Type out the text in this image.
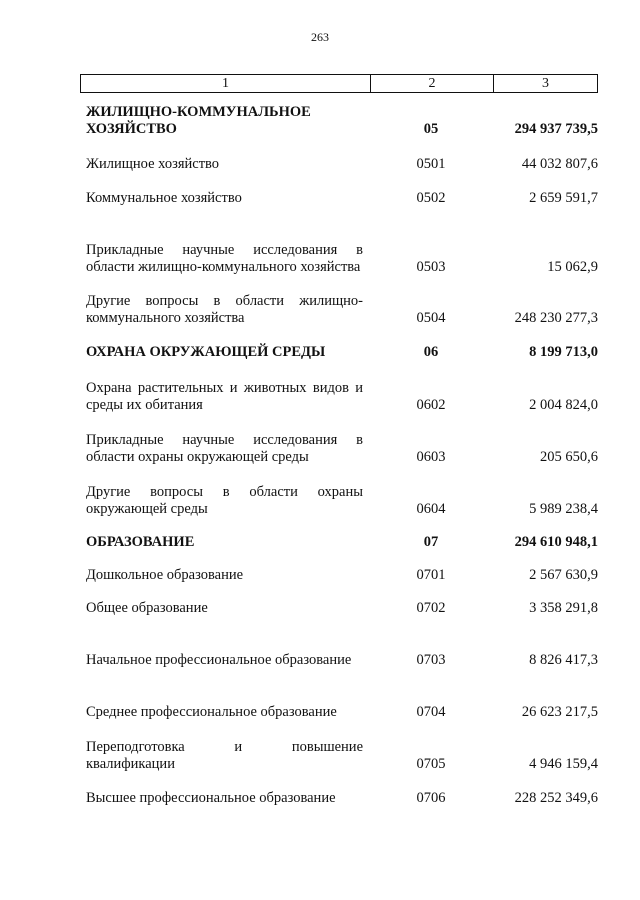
263
1	2	3
ЖИЛИЩНО-КОММУНАЛЬНОЕ ХОЗЯЙСТВО	05	294 937 739,5
Жилищное хозяйство	0501	44 032 807,6
Коммунальное хозяйство	0502	2 659 591,7
Прикладные научные исследования в области жилищно-коммунального хозяйства	0503	15 062,9
Другие вопросы в области жилищно-коммунального хозяйства	0504	248 230 277,3
ОХРАНА ОКРУЖАЮЩЕЙ СРЕДЫ	06	8 199 713,0
Охрана растительных и животных видов и среды их обитания	0602	2 004 824,0
Прикладные научные исследования в области охраны окружающей среды	0603	205 650,6
Другие вопросы в области охраны окружающей среды	0604	5 989 238,4
ОБРАЗОВАНИЕ	07	294 610 948,1
Дошкольное образование	0701	2 567 630,9
Общее образование	0702	3 358 291,8
Начальное профессиональное образование	0703	8 826 417,3
Среднее профессиональное образование	0704	26 623 217,5
Переподготовка и повышение квалификации	0705	4 946 159,4
Высшее профессиональное образование	0706	228 252 349,6
